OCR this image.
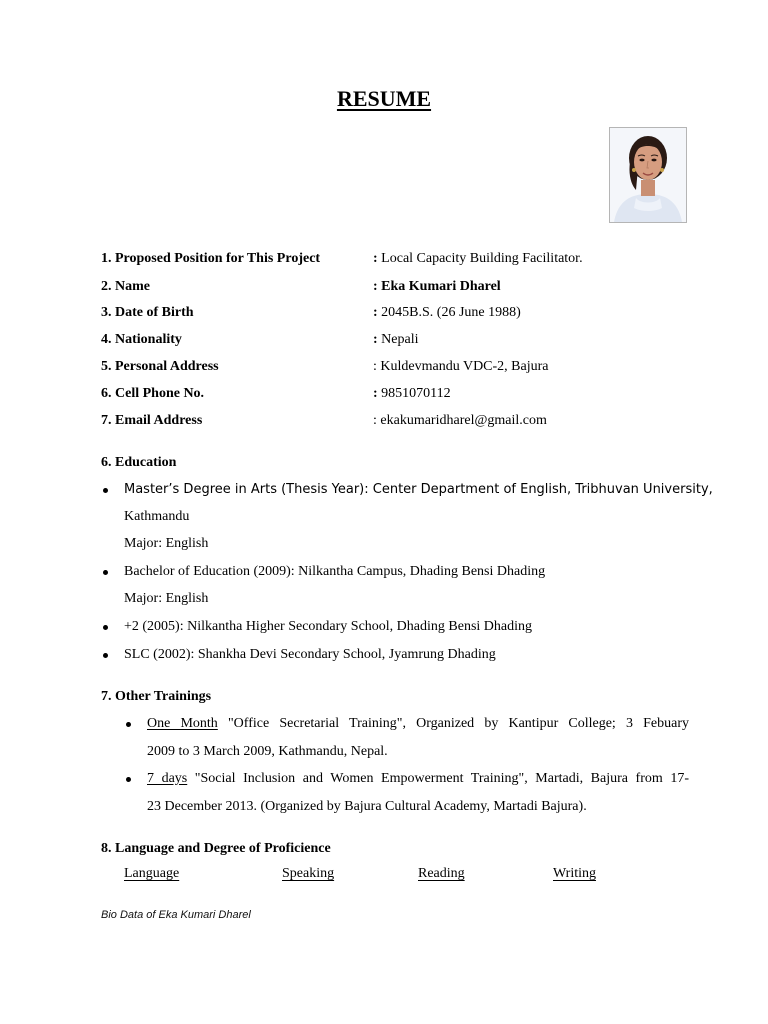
RESUME
1. Proposed Position for This Project	: Local Capacity Building Facilitator.
2. Name	: Eka Kumari Dharel
3. Date of Birth	: 2045B.S. (26 June 1988)
4. Nationality	: Nepali
5. Personal Address	: Kuldevmandu VDC-2, Bajura
6. Cell Phone No.	: 9851070112
7. Email Address	: ekakumaridharel@gmail.com
6. Education
Master’s Degree in Arts (Thesis Year): Center Department of English, Tribhuvan University,
Kathmandu
Major: English
Bachelor of Education (2009): Nilkantha Campus, Dhading Bensi Dhading
Major: English
+2 (2005): Nilkantha Higher Secondary School, Dhading Bensi Dhading
SLC (2002): Shankha Devi Secondary School, Jyamrung Dhading
7. Other Trainings
One Month "Office Secretarial Training", Organized by Kantipur College; 3 Febuary
2009 to 3 March 2009, Kathmandu, Nepal.
7 days "Social Inclusion and Women Empowerment Training", Martadi, Bajura from 17-
23 December 2013. (Organized by Bajura Cultural Academy, Martadi Bajura).
8. Language and Degree of Proficience
Language	Speaking	Reading	Writing
Bio Data of Eka Kumari Dharel
